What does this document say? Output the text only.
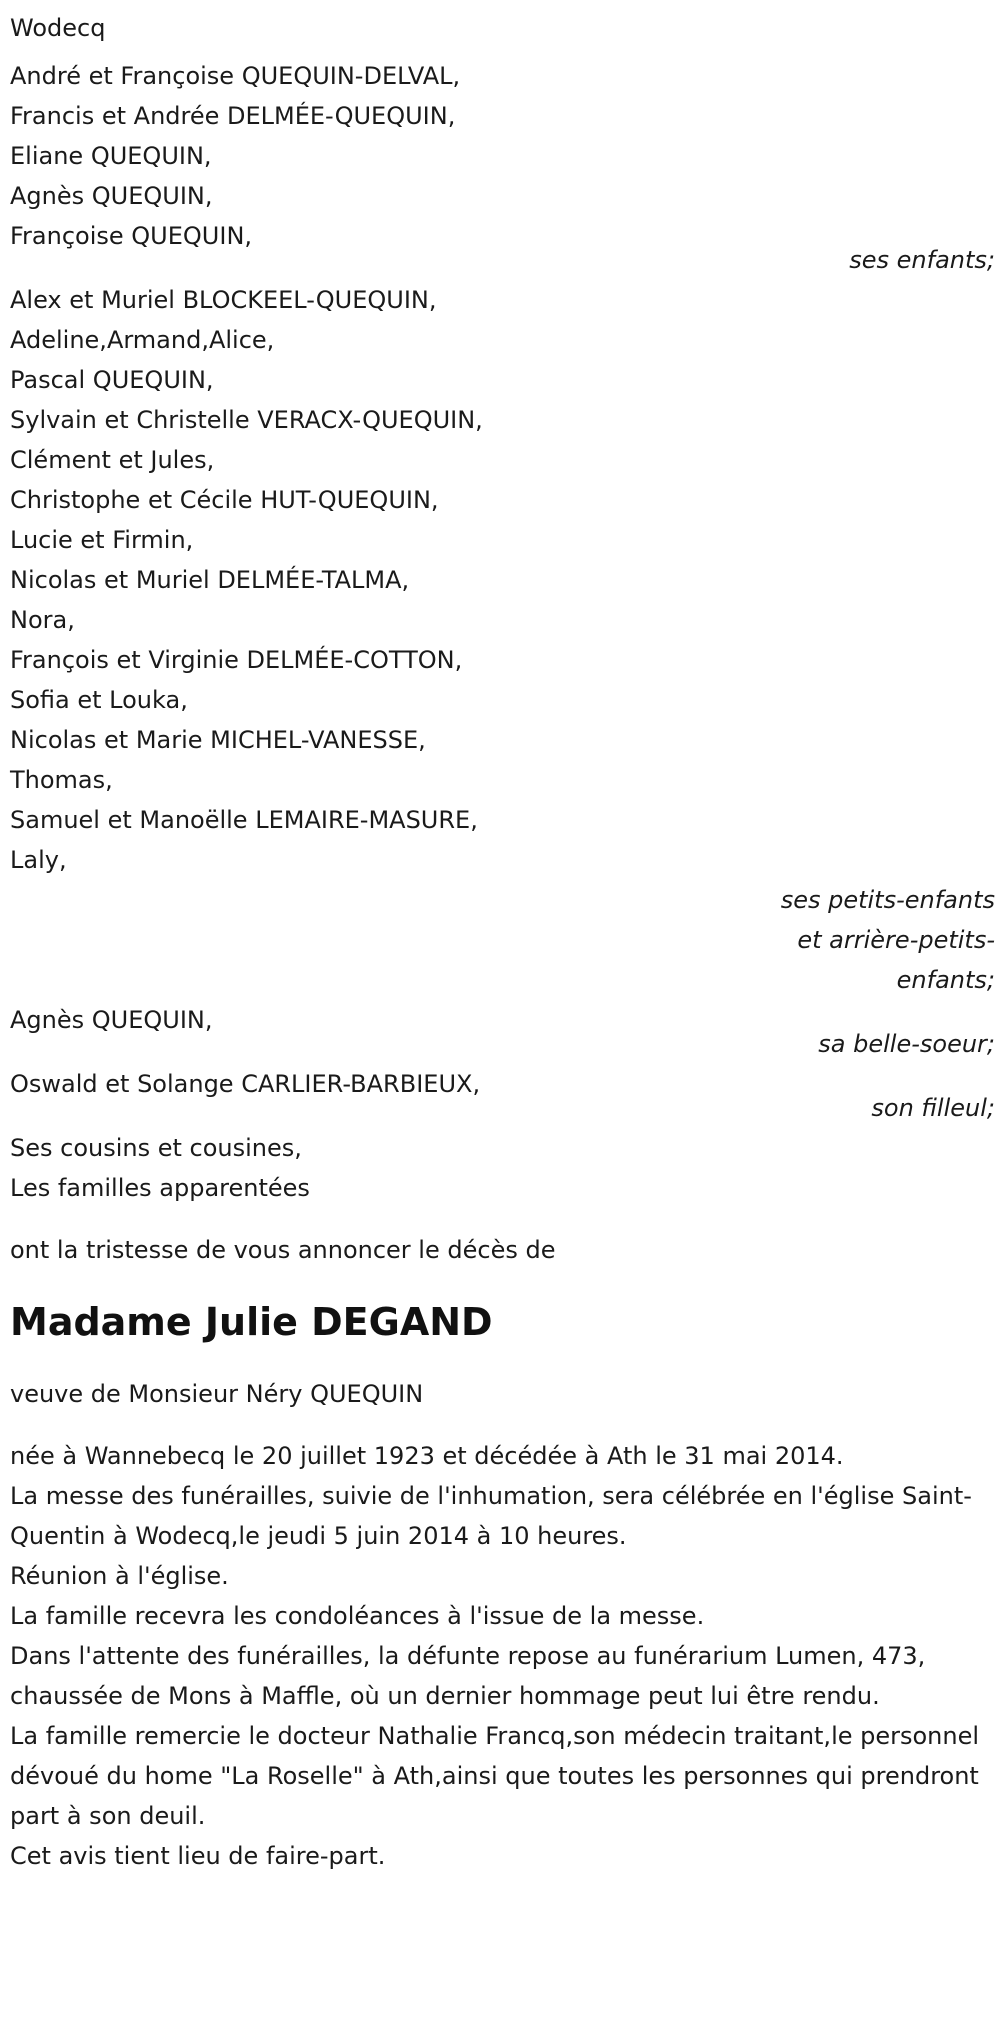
Wodecq
André et Françoise QUEQUIN-DELVAL,
Francis et Andrée DELMÉE-QUEQUIN,
Eliane QUEQUIN,
Agnès QUEQUIN,
Françoise QUEQUIN,
ses enfants;
Alex et Muriel BLOCKEEL-QUEQUIN,
Adeline,Armand,Alice,
Pascal QUEQUIN,
Sylvain et Christelle VERACX-QUEQUIN,
Clément et Jules,
Christophe et Cécile HUT-QUEQUIN,
Lucie et Firmin,
Nicolas et Muriel DELMÉE-TALMA,
Nora,
François et Virginie DELMÉE-COTTON,
Sofia et Louka,
Nicolas et Marie MICHEL-VANESSE,
Thomas,
Samuel et Manoëlle LEMAIRE-MASURE,
Laly,
ses petits-enfants
et arrière-petits-
enfants;
Agnès QUEQUIN,
sa belle-soeur;
Oswald et Solange CARLIER-BARBIEUX,
son filleul;
Ses cousins et cousines,
Les familles apparentées
ont la tristesse de vous annoncer le décès de
Madame Julie DEGAND
veuve de Monsieur Néry QUEQUIN
née à Wannebecq le 20 juillet 1923 et décédée à Ath le 31 mai 2014.
La messe des funérailles, suivie de l'inhumation, sera célébrée en l'église Saint-Quentin à Wodecq,le jeudi 5 juin 2014 à 10 heures.
Réunion à l'église.
La famille recevra les condoléances à l'issue de la messe.
Dans l'attente des funérailles, la défunte repose au funérarium Lumen, 473, chaussée de Mons à Maffle, où un dernier hommage peut lui être rendu.
La famille remercie le docteur Nathalie Francq,son médecin traitant,le personnel dévoué du home "La Roselle" à Ath,ainsi que toutes les personnes qui prendront part à son deuil.
Cet avis tient lieu de faire-part.
